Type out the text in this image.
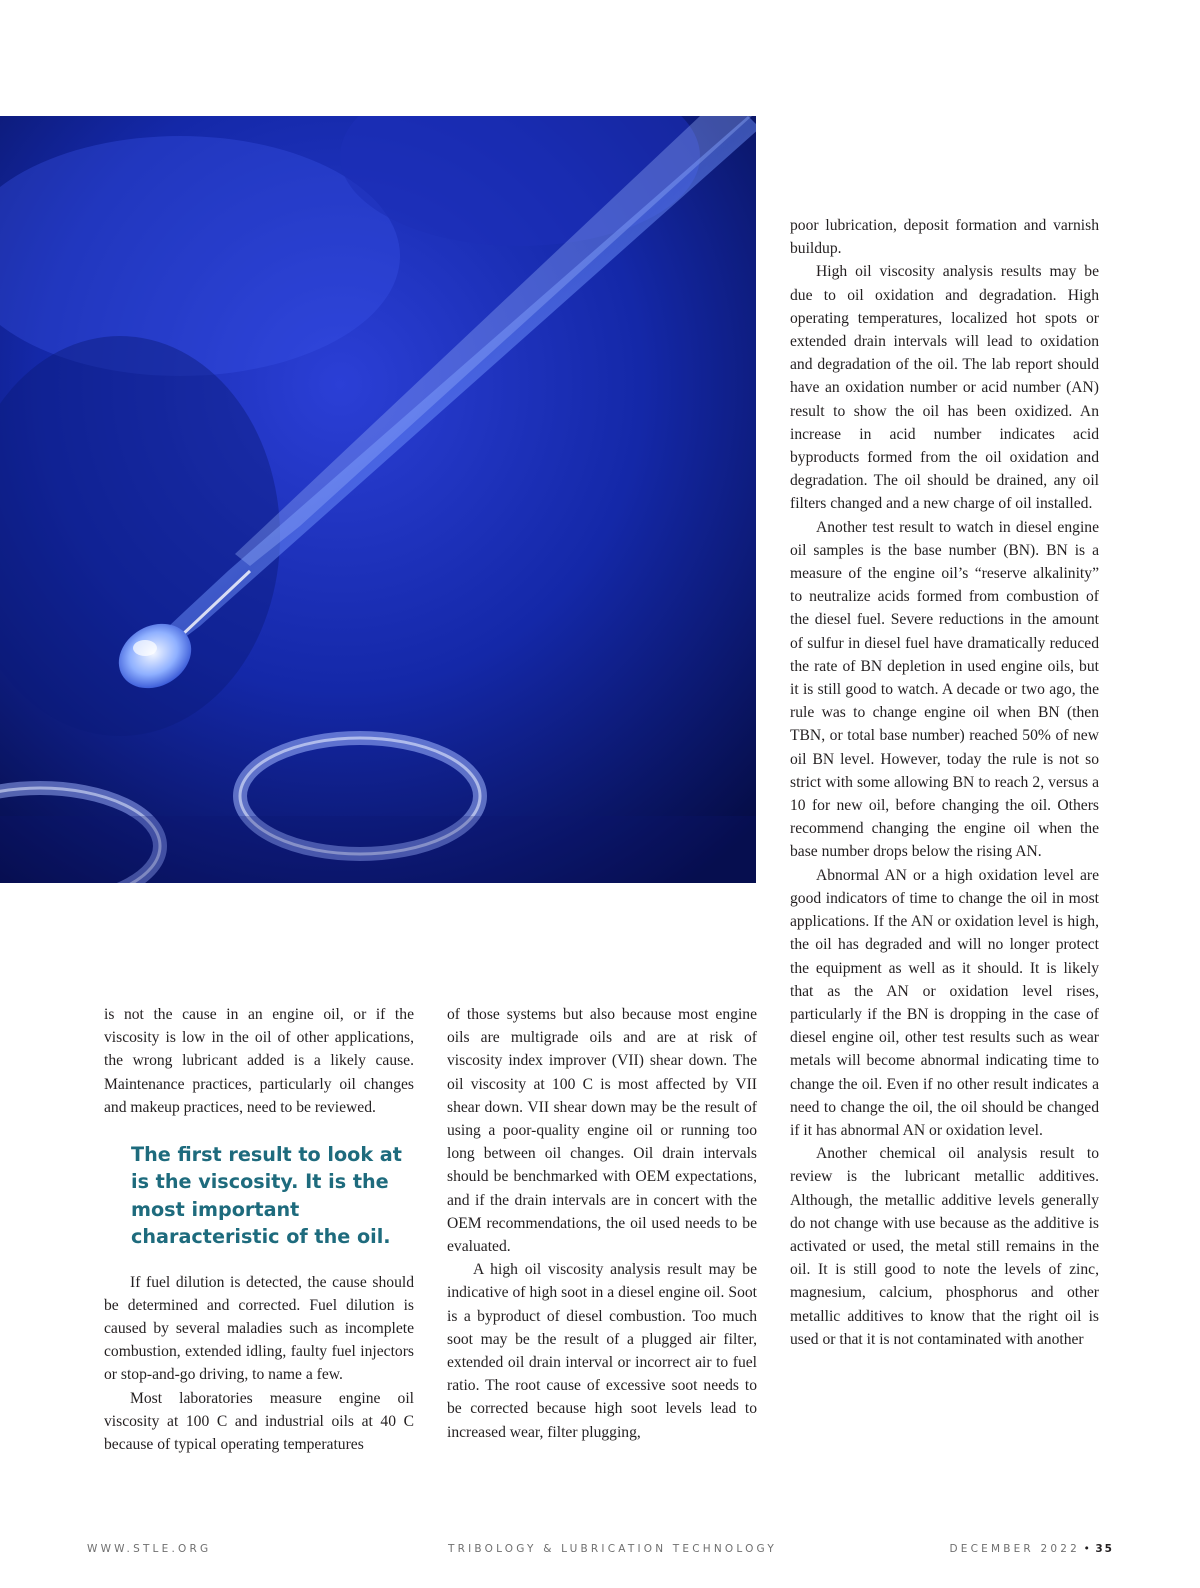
is not the cause in an engine oil, or if the viscosity is low in the oil of other applications, the wrong lubricant added is a likely cause. Maintenance practices, particularly oil changes and makeup practices, need to be reviewed.

The first result to look at is the viscosity. It is the most important characteristic of the oil.

If fuel dilution is detected, the cause should be determined and corrected. Fuel dilution is caused by several maladies such as incomplete combustion, extended idling, faulty fuel injectors or stop-and-go driving, to name a few.

Most laboratories measure engine oil viscosity at 100 C and industrial oils at 40 C because of typical operating temperatures

of those systems but also because most engine oils are multigrade oils and are at risk of viscosity index improver (VII) shear down. The oil viscosity at 100 C is most affected by VII shear down. VII shear down may be the result of using a poor-quality engine oil or running too long between oil changes. Oil drain intervals should be benchmarked with OEM expectations, and if the drain intervals are in concert with the OEM recommendations, the oil used needs to be evaluated.

A high oil viscosity analysis result may be indicative of high soot in a diesel engine oil. Soot is a byproduct of diesel combustion. Too much soot may be the result of a plugged air filter, extended oil drain interval or incorrect air to fuel ratio. The root cause of excessive soot needs to be corrected because high soot levels lead to increased wear, filter plugging,

poor lubrication, deposit formation and varnish buildup.

High oil viscosity analysis results may be due to oil oxidation and degradation. High operating temperatures, localized hot spots or extended drain intervals will lead to oxidation and degradation of the oil. The lab report should have an oxidation number or acid number (AN) result to show the oil has been oxidized. An increase in acid number indicates acid byproducts formed from the oil oxidation and degradation. The oil should be drained, any oil filters changed and a new charge of oil installed.

Another test result to watch in diesel engine oil samples is the base number (BN). BN is a measure of the engine oil’s “reserve alkalinity” to neutralize acids formed from combustion of the diesel fuel. Severe reductions in the amount of sulfur in diesel fuel have dramatically reduced the rate of BN depletion in used engine oils, but it is still good to watch. A decade or two ago, the rule was to change engine oil when BN (then TBN, or total base number) reached 50% of new oil BN level. However, today the rule is not so strict with some allowing BN to reach 2, versus a 10 for new oil, before changing the oil. Others recommend changing the engine oil when the base number drops below the rising AN.

Abnormal AN or a high oxidation level are good indicators of time to change the oil in most applications. If the AN or oxidation level is high, the oil has degraded and will no longer protect the equipment as well as it should. It is likely that as the AN or oxidation level rises, particularly if the BN is dropping in the case of diesel engine oil, other test results such as wear metals will become abnormal indicating time to change the oil. Even if no other result indicates a need to change the oil, the oil should be changed if it has abnormal AN or oxidation level.

Another chemical oil analysis result to review is the lubricant metallic additives. Although, the metallic additive levels generally do not change with use because as the additive is activated or used, the metal still remains in the oil. It is still good to note the levels of zinc, magnesium, calcium, phosphorus and other metallic additives to know that the right oil is used or that it is not contaminated with another

WWW.STLE.ORG	TRIBOLOGY & LUBRICATION TECHNOLOGY	DECEMBER 2022 • 35
